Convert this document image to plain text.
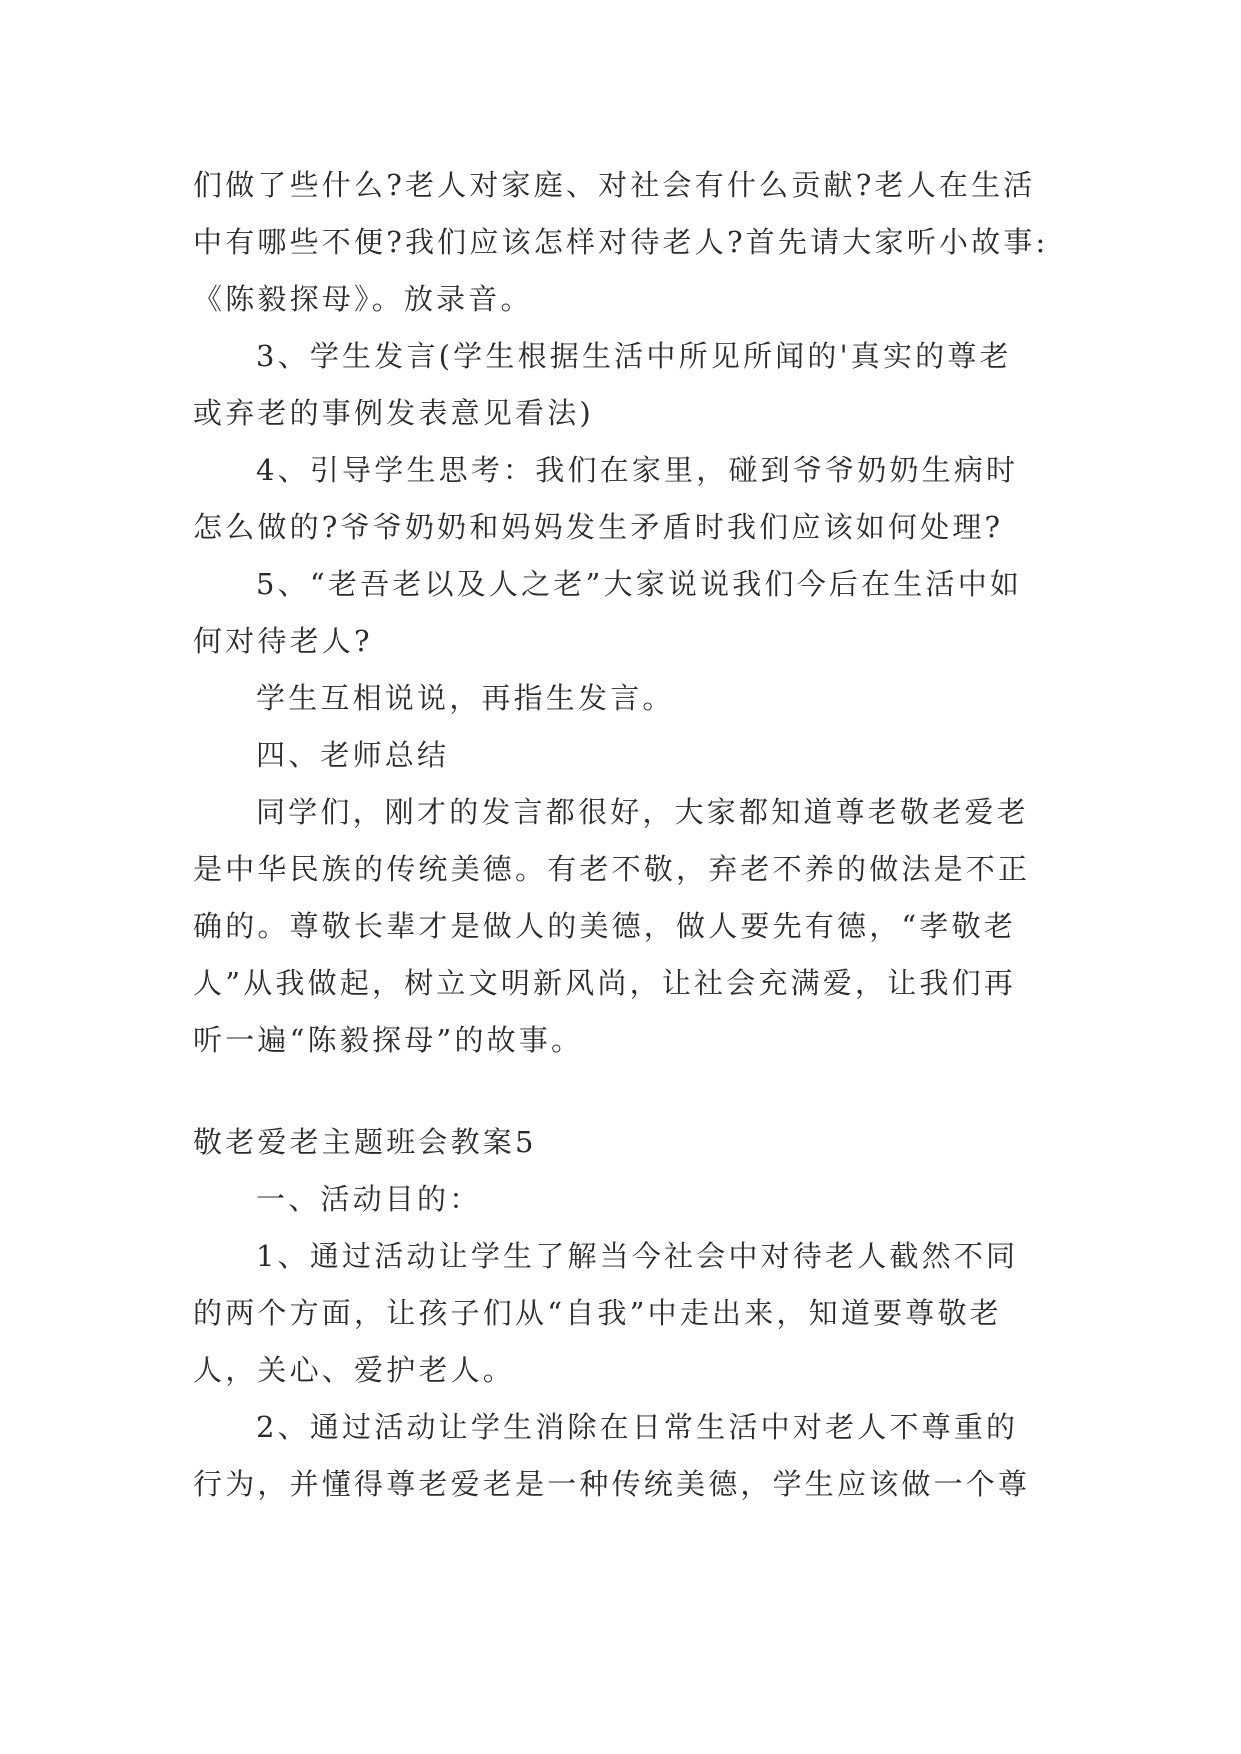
们做了些什么?老人对家庭、对社会有什么贡献?老人在生活
中有哪些不便?我们应该怎样对待老人?首先请大家听小故事:
《陈毅探母》。放录音。
3、学生发言(学生根据生活中所见所闻的'真实的尊老
或弃老的事例发表意见看法)
4、引导学生思考：我们在家里，碰到爷爷奶奶生病时
怎么做的?爷爷奶奶和妈妈发生矛盾时我们应该如何处理?
5、“老吾老以及人之老”大家说说我们今后在生活中如
何对待老人?
学生互相说说，再指生发言。
四、老师总结
同学们，刚才的发言都很好，大家都知道尊老敬老爱老
是中华民族的传统美德。有老不敬，弃老不养的做法是不正
确的。尊敬长辈才是做人的美德，做人要先有德，“孝敬老
人”从我做起，树立文明新风尚，让社会充满爱，让我们再
听一遍“陈毅探母”的故事。
敬老爱老主题班会教案5
一、活动目的：
1、通过活动让学生了解当今社会中对待老人截然不同
的两个方面，让孩子们从“自我”中走出来，知道要尊敬老
人，关心、爱护老人。
2、通过活动让学生消除在日常生活中对老人不尊重的
行为，并懂得尊老爱老是一种传统美德，学生应该做一个尊
